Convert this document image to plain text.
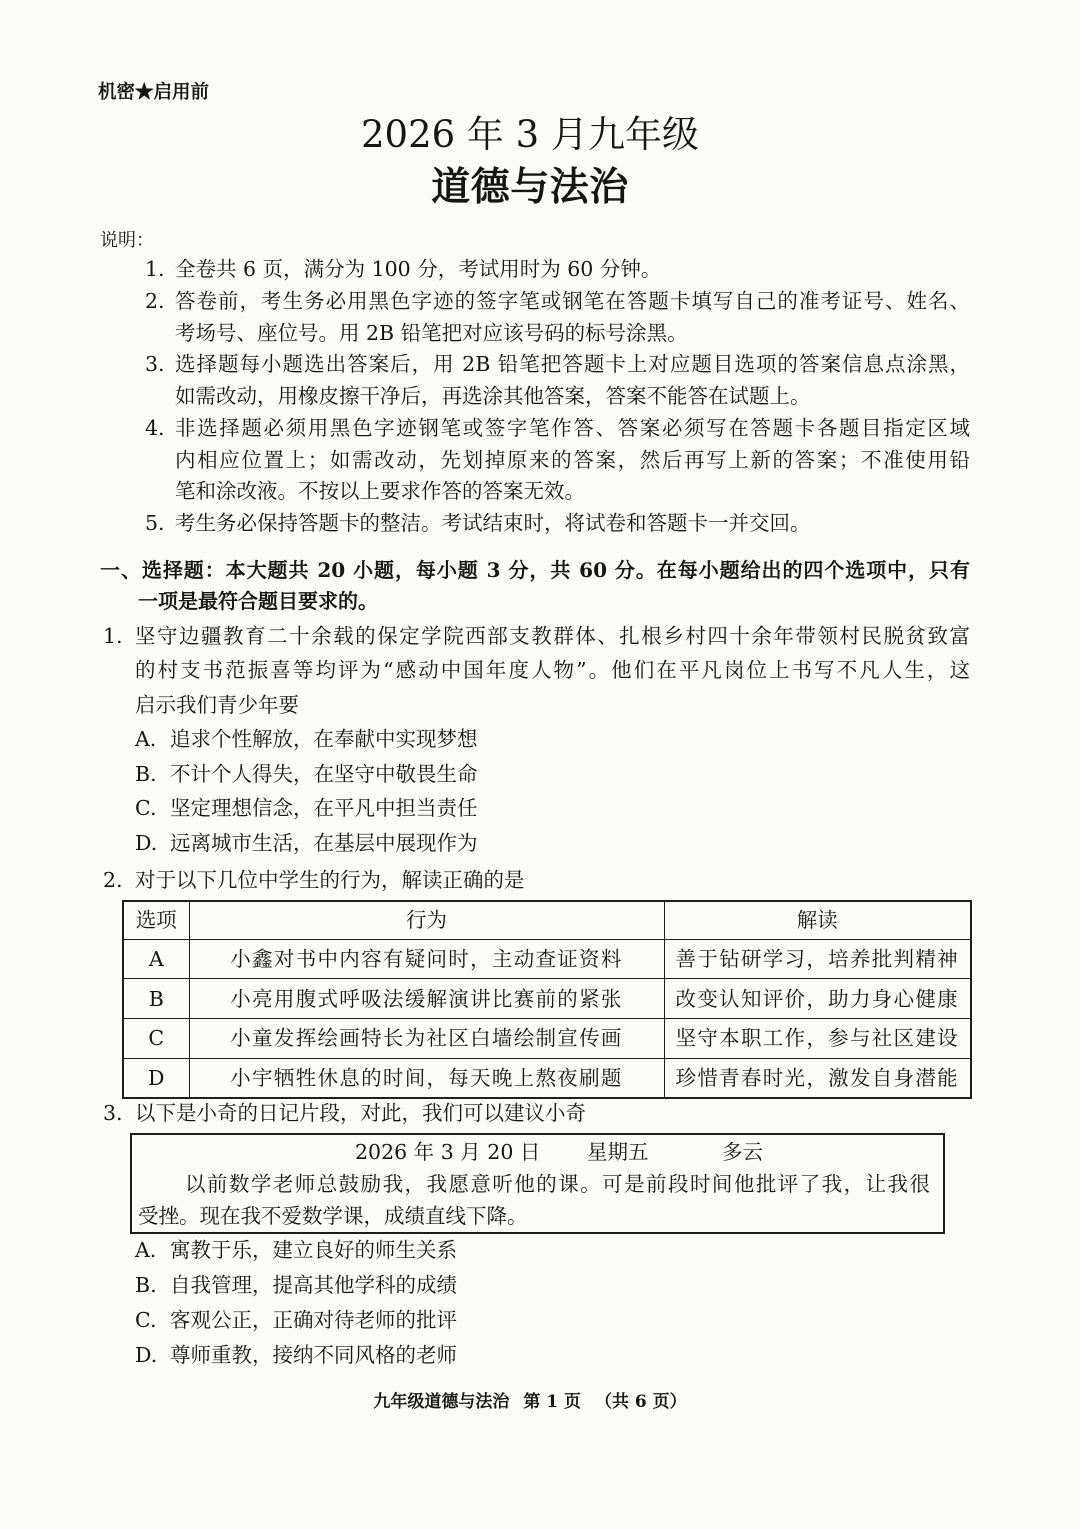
机密★启用前
2026 年 3 月九年级
道德与法治
说明：
1. 全卷共 6 页，满分为 100 分，考试用时为 60 分钟。
2. 答卷前，考生务必用黑色字迹的签字笔或钢笔在答题卡填写自己的准考证号、姓名、
考场号、座位号。用 2B 铅笔把对应该号码的标号涂黑。
3. 选择题每小题选出答案后，用 2B 铅笔把答题卡上对应题目选项的答案信息点涂黑，
如需改动，用橡皮擦干净后，再选涂其他答案，答案不能答在试题上。
4. 非选择题必须用黑色字迹钢笔或签字笔作答、答案必须写在答题卡各题目指定区域
内相应位置上；如需改动，先划掉原来的答案，然后再写上新的答案；不准使用铅
笔和涂改液。不按以上要求作答的答案无效。
5. 考生务必保持答题卡的整洁。考试结束时，将试卷和答题卡一并交回。
一、选择题：本大题共 20 小题，每小题 3 分，共 60 分。在每小题给出的四个选项中，只有
一项是最符合题目要求的。
1. 坚守边疆教育二十余载的保定学院西部支教群体、扎根乡村四十余年带领村民脱贫致富
的村支书范振喜等均评为“感动中国年度人物”。他们在平凡岗位上书写不凡人生，这
启示我们青少年要
A. 追求个性解放，在奉献中实现梦想
B. 不计个人得失，在坚守中敬畏生命
C. 坚定理想信念，在平凡中担当责任
D. 远离城市生活，在基层中展现作为
2. 对于以下几位中学生的行为，解读正确的是
选项	行为	解读
A	小鑫对书中内容有疑问时，主动查证资料	善于钻研学习，培养批判精神
B	小亮用腹式呼吸法缓解演讲比赛前的紧张	改变认知评价，助力身心健康
C	小童发挥绘画特长为社区白墙绘制宣传画	坚守本职工作，参与社区建设
D	小宇牺牲休息的时间，每天晚上熬夜刷题	珍惜青春时光，激发自身潜能
3. 以下是小奇的日记片段，对此，我们可以建议小奇
2026 年 3 月 20 日 星期五	多云
以前数学老师总鼓励我，我愿意听他的课。可是前段时间他批评了我，让我很
受挫。现在我不爱数学课，成绩直线下降。
A. 寓教于乐，建立良好的师生关系
B. 自我管理，提高其他学科的成绩
C. 客观公正，正确对待老师的批评
D. 尊师重教，接纳不同风格的老师
九年级道德与法治 第 1 页 （共 6 页）
